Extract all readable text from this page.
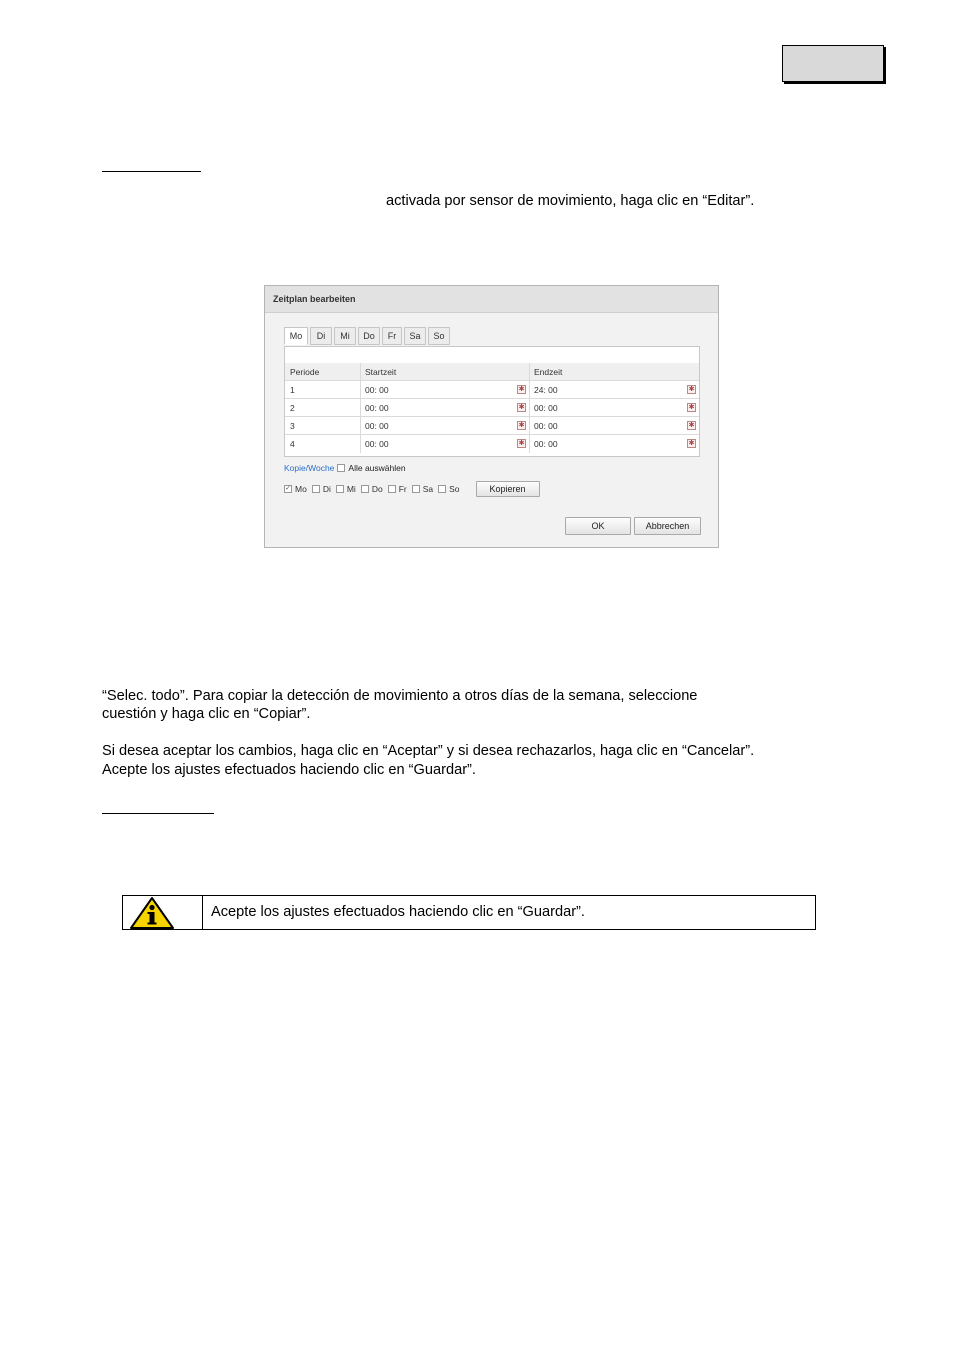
activada por sensor de movimiento, haga clic en “Editar”.
Zeitplan bearbeiten
Mo	Di	Mi	Do	Fr	Sa	So
Periode	Startzeit	Endzeit
1	00: 00	✱ 24: 00	✱
2	00: 00	✱ 00: 00	✱
3	00: 00	✱ 00: 00	✱
4	00: 00	✱ 00: 00	✱
Kopie/Woche Alle auswählen
✓ Mo Di Mi Do Fr Sa So	Kopieren
OK	Abbrechen
“Selec. todo”. Para copiar la detección de movimiento a otros días de la semana, seleccione
cuestión y haga clic en “Copiar”.
Si desea aceptar los cambios, haga clic en “Aceptar” y si desea rechazarlos, haga clic en “Cancelar”.
Acepte los ajustes efectuados haciendo clic en “Guardar”.
Acepte los ajustes efectuados haciendo clic en “Guardar”.
